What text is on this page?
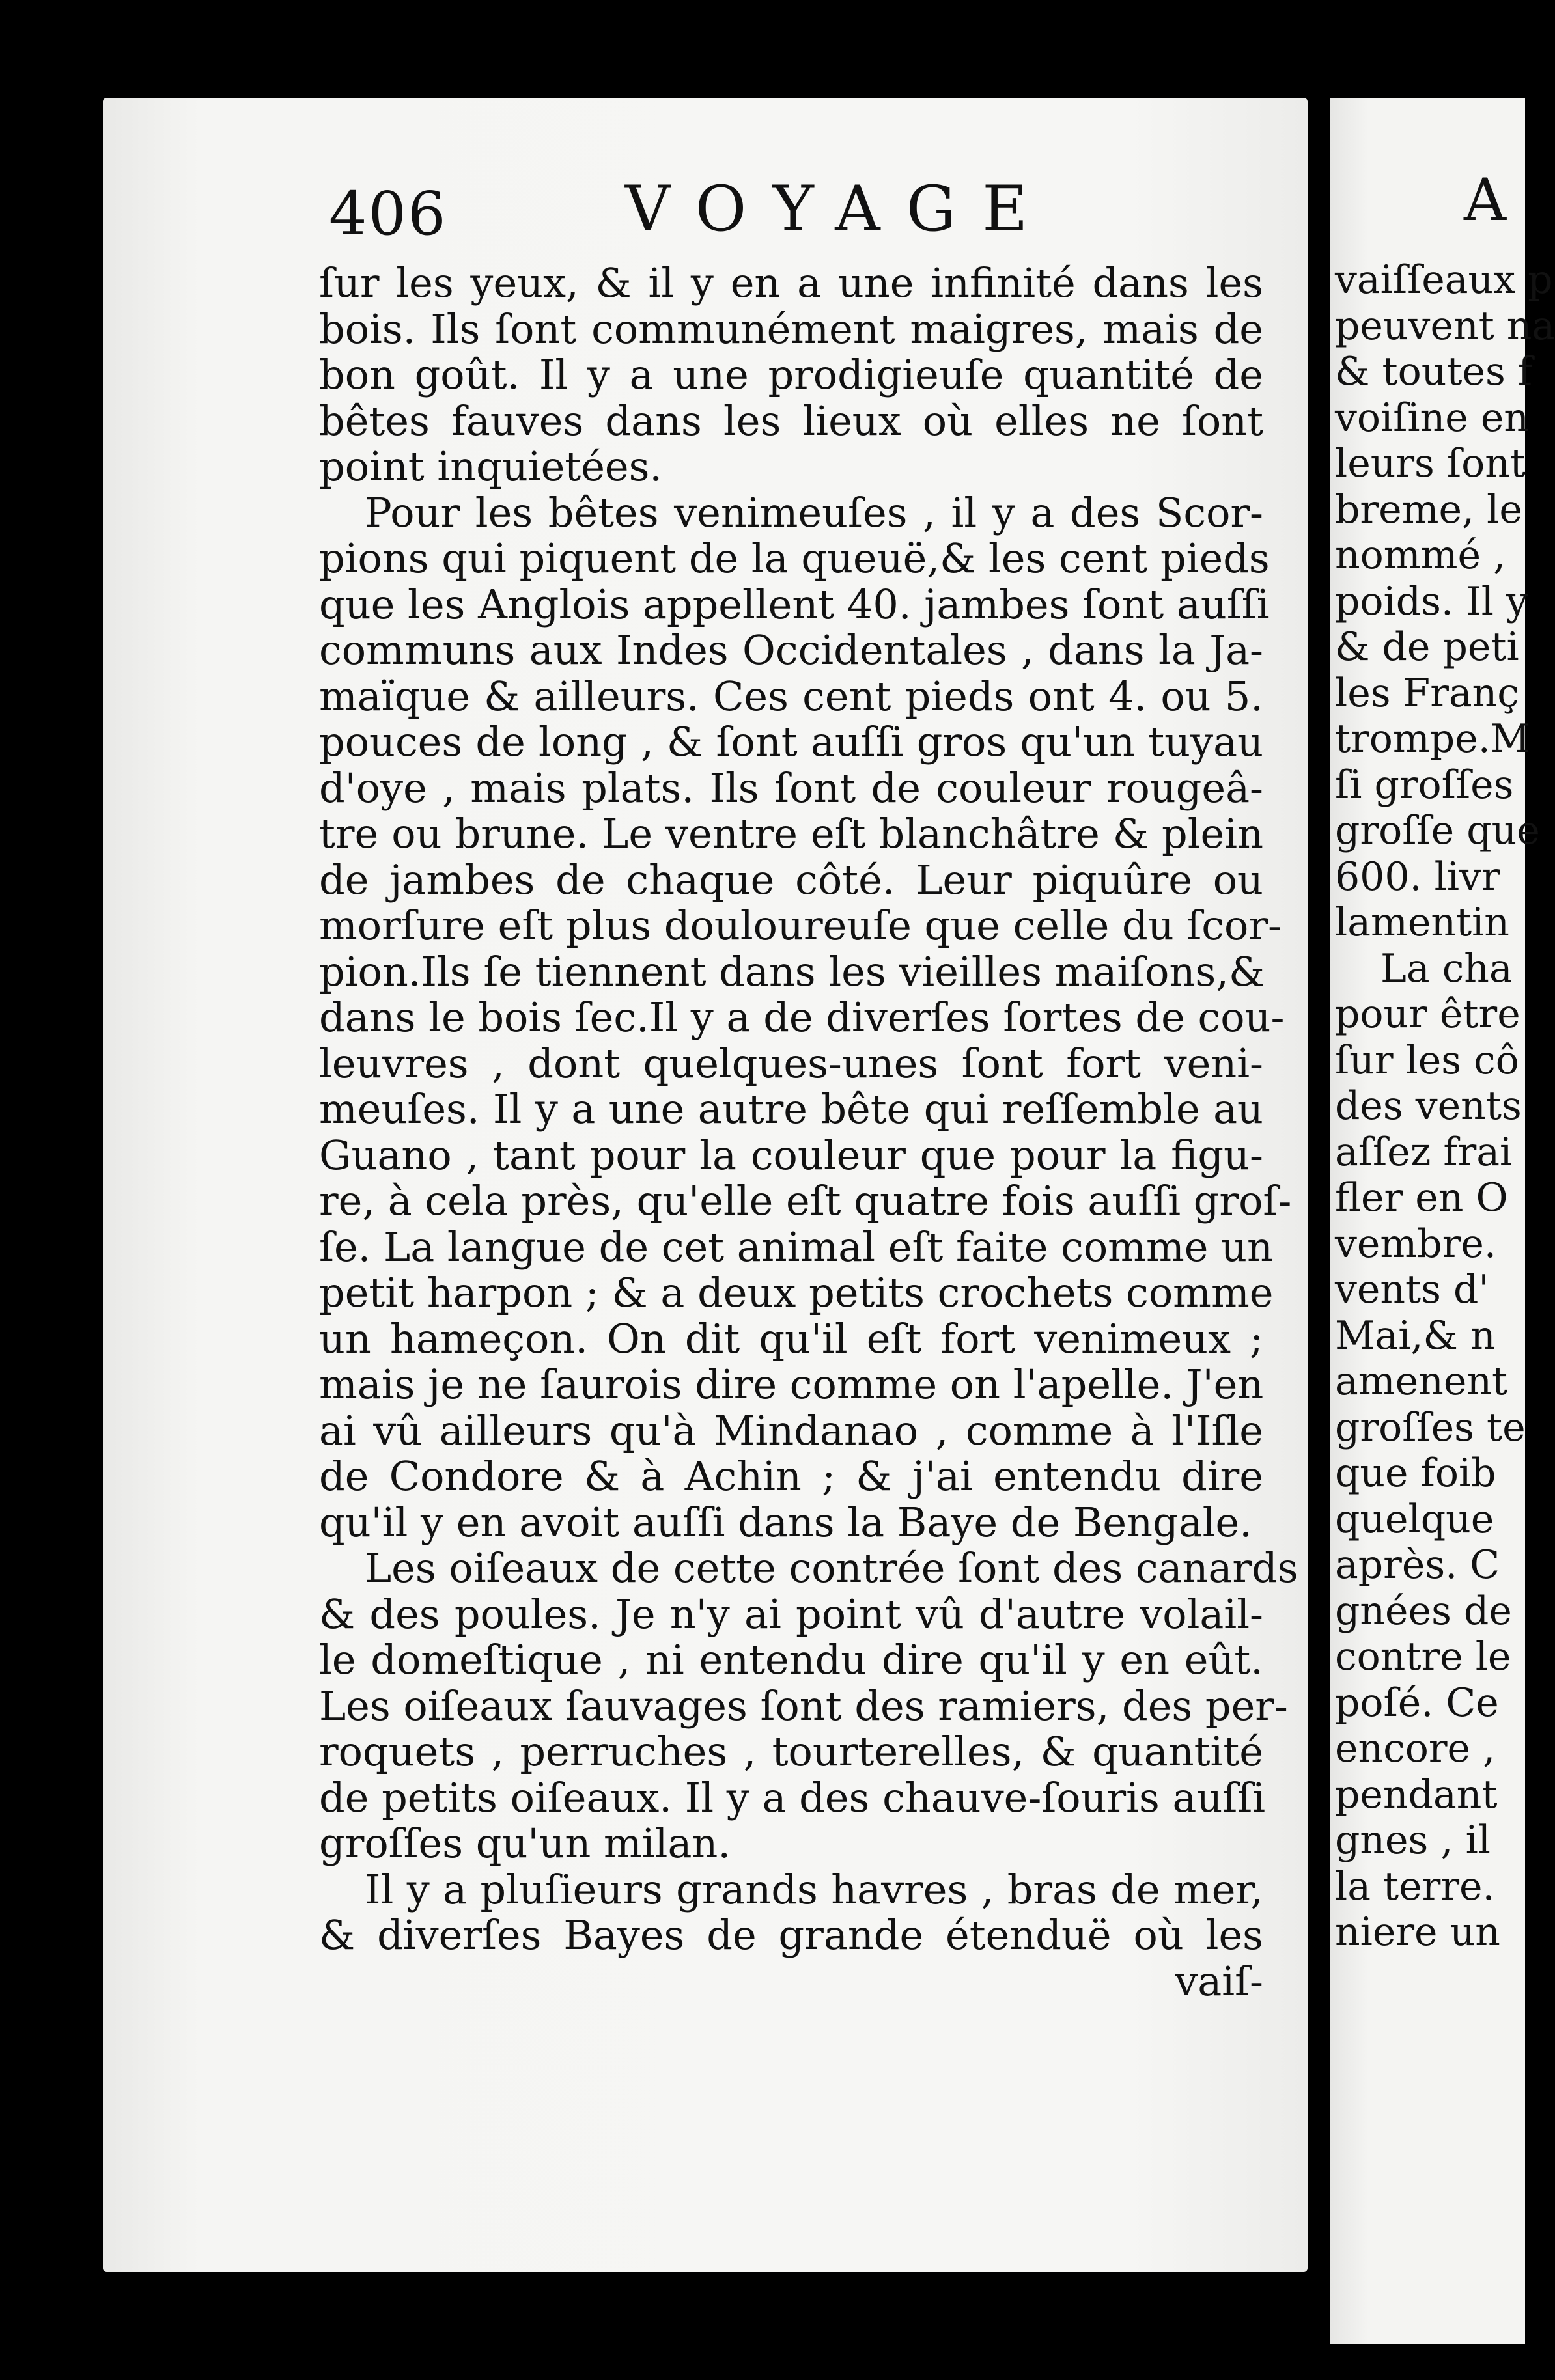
406	VOYAGE
ſur les yeux, & il y en a une infinité dans les
bois. Ils ſont communément maigres, mais de
bon goût. Il y a une prodigieuſe quantité de
bêtes fauves dans les lieux où elles ne ſont
point inquietées.
Pour les bêtes venimeuſes , il y a des Scor-
pions qui piquent de la queuë,& les cent pieds
que les Anglois appellent 40. jambes ſont auſſi
communs aux Indes Occidentales , dans la Ja-
maïque & ailleurs. Ces cent pieds ont 4. ou 5.
pouces de long , & ſont auſſi gros qu'un tuyau
d'oye , mais plats. Ils ſont de couleur rougeâ-
tre ou brune. Le ventre eſt blanchâtre & plein
de jambes de chaque côté. Leur piquûre ou
morſure eſt plus douloureuſe que celle du ſcor-
pion.Ils ſe tiennent dans les vieilles maiſons,&
dans le bois ſec.Il y a de diverſes ſortes de cou-
leuvres , dont quelques-unes ſont fort veni-
meuſes. Il y a une autre bête qui reſſemble au
Guano , tant pour la couleur que pour la figu-
re, à cela près, qu'elle eſt quatre fois auſſi groſ-
ſe. La langue de cet animal eſt faite comme un
petit harpon ; & a deux petits crochets comme
un hameçon. On dit qu'il eſt fort venimeux ;
mais je ne ſaurois dire comme on l'apelle. J'en
ai vû ailleurs qu'à Mindanao , comme à l'Iſle
de Condore & à Achin ; & j'ai entendu dire
qu'il y en avoit auſſi dans la Baye de Bengale.
Les oiſeaux de cette contrée ſont des canards
& des poules. Je n'y ai point vû d'autre volail-
le domeſtique , ni entendu dire qu'il y en eût.
Les oiſeaux ſauvages ſont des ramiers, des per-
roquets , perruches , tourterelles, & quantité
de petits oiſeaux. Il y a des chauve-ſouris auſſi
groſſes qu'un milan.
Il y a pluſieurs grands havres , bras de mer,
& diverſes Bayes de grande étenduë où les
vaiſ-
A
vaiſſeaux p
peuvent na
& toutes f
voiſine en
leurs ſont
breme, le
nommé ,
poids. Il y
& de peti
les Franç
trompe.M
ſi groſſes
groſſe que
600. livr
lamentin
La cha
pour être
ſur les cô
des vents
aſſez frai
fler en O
vembre.
vents d'
Mai,& n
amenent
groſſes te
que foib
quelque
après. C
gnées de
contre le
poſé. Ce
encore ,
pendant
gnes , il
la terre.
niere un
